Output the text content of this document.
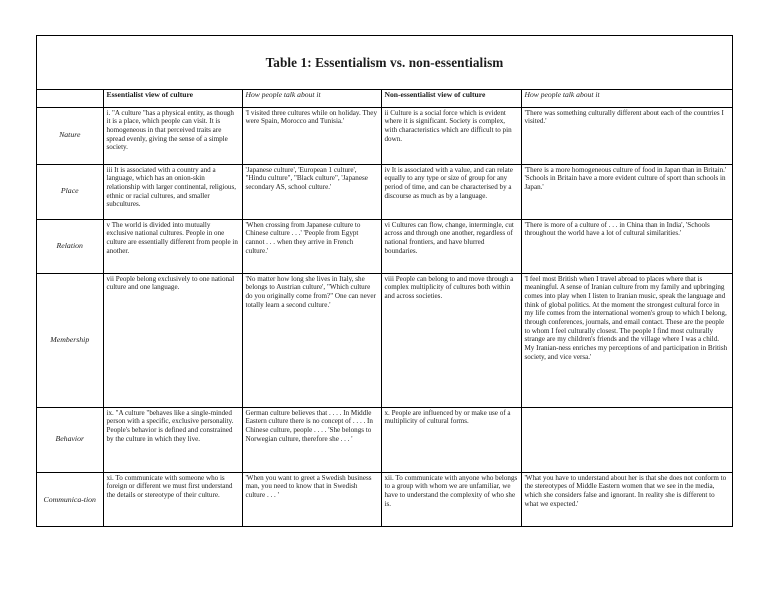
Table 1: Essentialism vs. non-essentialism
	Essentialist view of culture	How people talk about it	Non-essentialist view of culture	How people talk about it
Nature	i. "A culture "has a physical entity, as though it is a place, which people can visit. It is homogeneous in that perceived traits are spread evenly, giving the sense of a simple society.	'I visited three cultures while on holiday. They were Spain, Morocco and Tunisia.'	ii Culture is a social force which is evident where it is significant. Society is complex, with characteristics which are difficult to pin down.	'There was something culturally different about each of the countries I visited.'
Place	iii It is associated with a country and a language, which has an onion-skin relationship with larger continental, religious, ethnic or racial cultures, and smaller subcultures.	'Japanese culture', 'European 1 culture', "Hindu culture", "Black culture", 'Japanese secondary AS, school culture.'	iv It is associated with a value, and can relate equally to any type or size of group for any period of time, and can be characterised by a discourse as much as by a language.	'There is a more homogeneous culture of food in Japan than in Britain.' 'Schools in Britain have a more evident culture of sport than schools in Japan.'
Relation	v The world is divided into mutually exclusive national cultures. People in one culture are essentially different from people in another.	'When crossing from Japanese culture to Chinese culture . . .' 'People from Egypt cannot . . . when they arrive in French culture.'	vi Cultures can flow, change, intermingle, cut across and through one another, regardless of national frontiers, and have blurred boundaries.	'There is more of a culture of . . . in China than in India', 'Schools throughout the world have a lot of cultural similarities.'
Membership	vii People belong exclusively to one national culture and one language.	'No matter how long she lives in Italy, she belongs to Austrian culture', "Which culture do you originally come from?" One can never totally learn a second culture.'	viii People can belong to and move through a complex multiplicity of cultures both within and across societies.	'I feel most British when I travel abroad to places where that is meaningful. A sense of Iranian culture from my family and upbringing comes into play when I listen to Iranian music, speak the language and think of global politics. At the moment the strongest cultural force in my life comes from the international women's group to which I belong, through conferences, journals, and email contact. These are the people to whom I feel culturally closest. The people I find most culturally strange are my children's friends and the village where I was a child. My Iranian-ness enriches my perceptions of and participation in British society, and vice versa.'
Behavior	ix. "A culture "behaves like a single-minded person with a specific, exclusive personality. People's behavior is defined and constrained by the culture in which they live.	German culture believes that . . . . In Middle Eastern culture there is no concept of . . . . In Chinese culture, people . . . . 'She belongs to Norwegian culture, therefore she . . . '	x. People are influenced by or make use of a multiplicity of cultural forms.	
Communica-tion	xi. To communicate with someone who is foreign or different we must first understand the details or stereotype of their culture.	'When you want to greet a Swedish business man, you need to know that in Swedish culture . . . '	xii. To communicate with anyone who belongs to a group with whom we are unfamiliar, we have to understand the complexity of who she is.	'What you have to understand about her is that she does not conform to the stereotypes of Middle Eastern women that we see in the media, which she considers false and ignorant. In reality she is different to what we expected.'
